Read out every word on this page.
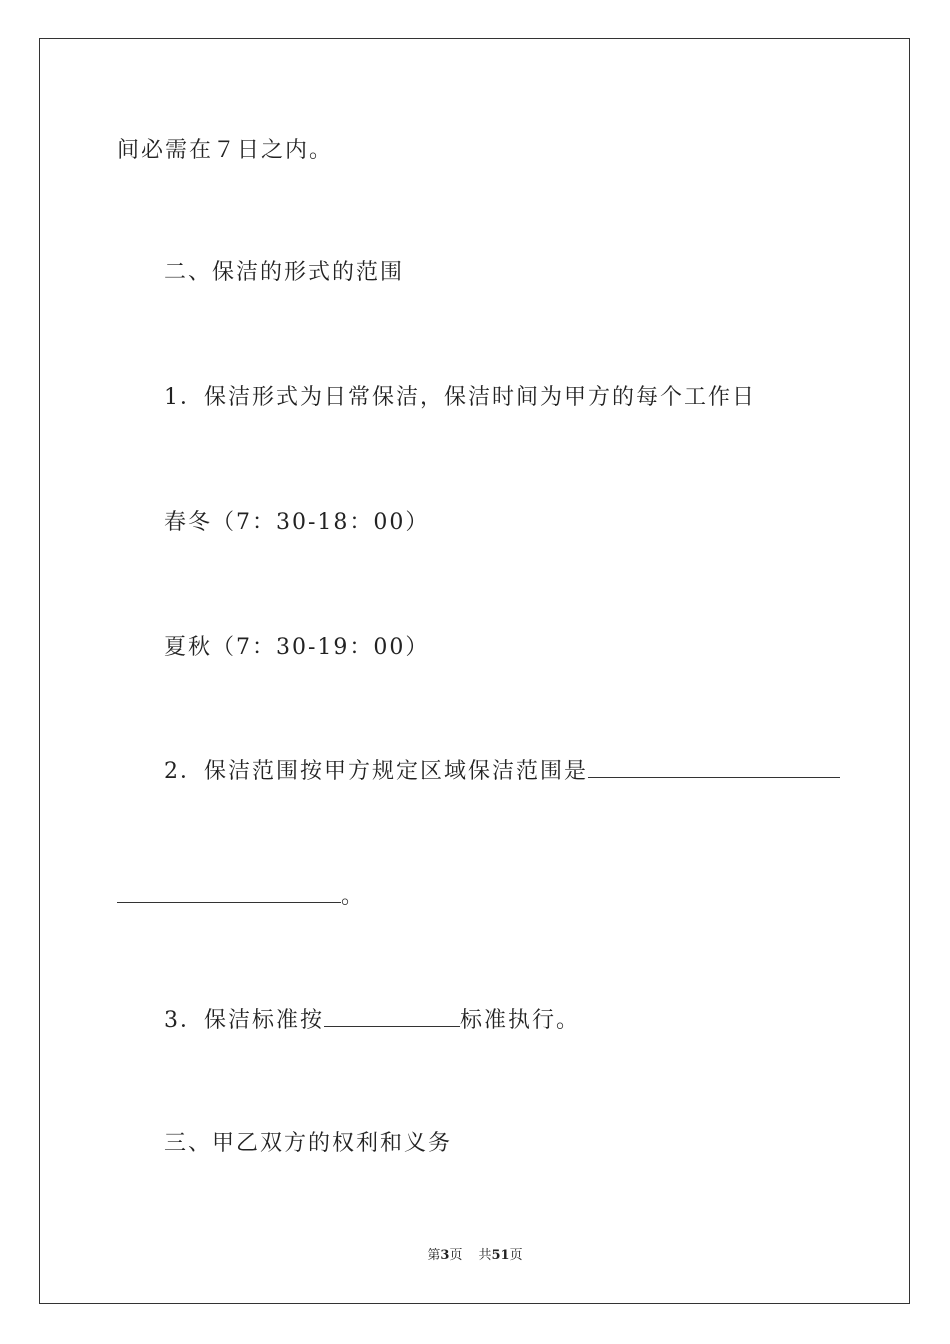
间必需在７日之内。
二、保洁的形式的范围
1．保洁形式为日常保洁，保洁时间为甲方的每个工作日
春冬（7：30-18：00）
夏秋（7：30-19：00）
2．保洁范围按甲方规定区域保洁范围是
。
3．保洁标准按	标准执行。
三、甲乙双方的权利和义务
第3页 共51页
